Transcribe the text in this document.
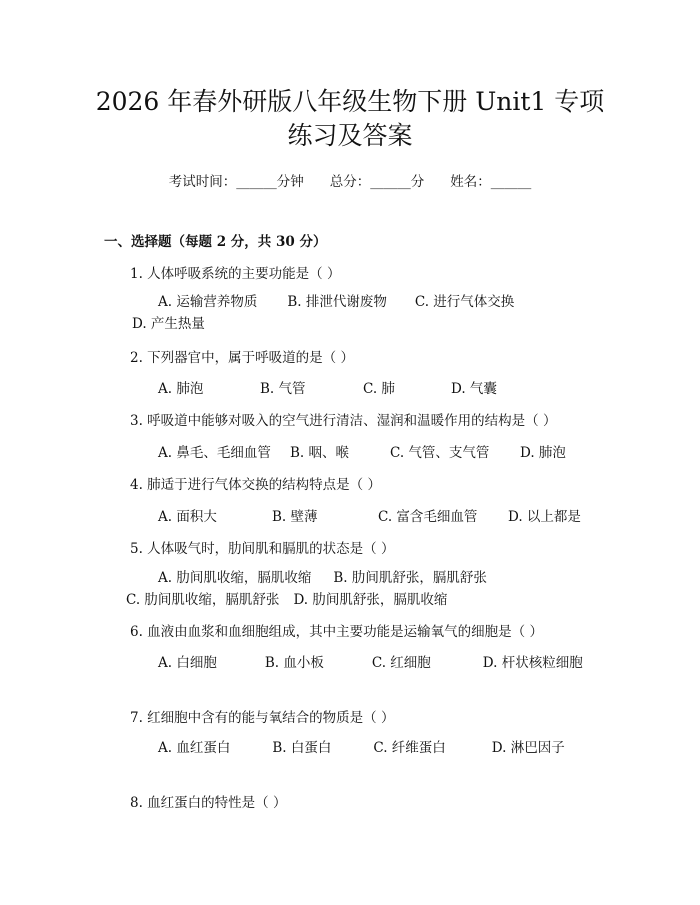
2026 年春外研版八年级生物下册 Unit1 专项
练习及答案
考试时间：______分钟 总分：______分 姓名：______
一、选择题（每题 2 分，共 30 分）
1. 人体呼吸系统的主要功能是（ ）
A. 运输营养物质 B. 排泄代谢废物 C. 进行气体交换D. 产生热量
2. 下列器官中，属于呼吸道的是（ ）
A. 肺泡	B. 气管	C. 肺	D. 气囊
3. 呼吸道中能够对吸入的空气进行清洁、湿润和温暖作用的结构是（ ）
A. 鼻毛、毛细血管 B. 咽、喉	C. 气管、支气管 D. 肺泡
4. 肺适于进行气体交换的结构特点是（ ）
A. 面积大	B. 壁薄	C. 富含毛细血管 D. 以上都是
5. 人体吸气时，肋间肌和膈肌的状态是（ ）
A. 肋间肌收缩，膈肌收缩 B. 肋间肌舒张，膈肌舒张C. 肋间肌收缩，膈肌舒张 D. 肋间肌舒张，膈肌收缩
6. 血液由血浆和血细胞组成，其中主要功能是运输氧气的细胞是（ ）
A. 白细胞	B. 血小板	C. 红细胞	D. 杆状核粒细胞
7. 红细胞中含有的能与氧结合的物质是（ ）
A. 血红蛋白	B. 白蛋白	C. 纤维蛋白	D. 淋巴因子
8. 血红蛋白的特性是（ ）
